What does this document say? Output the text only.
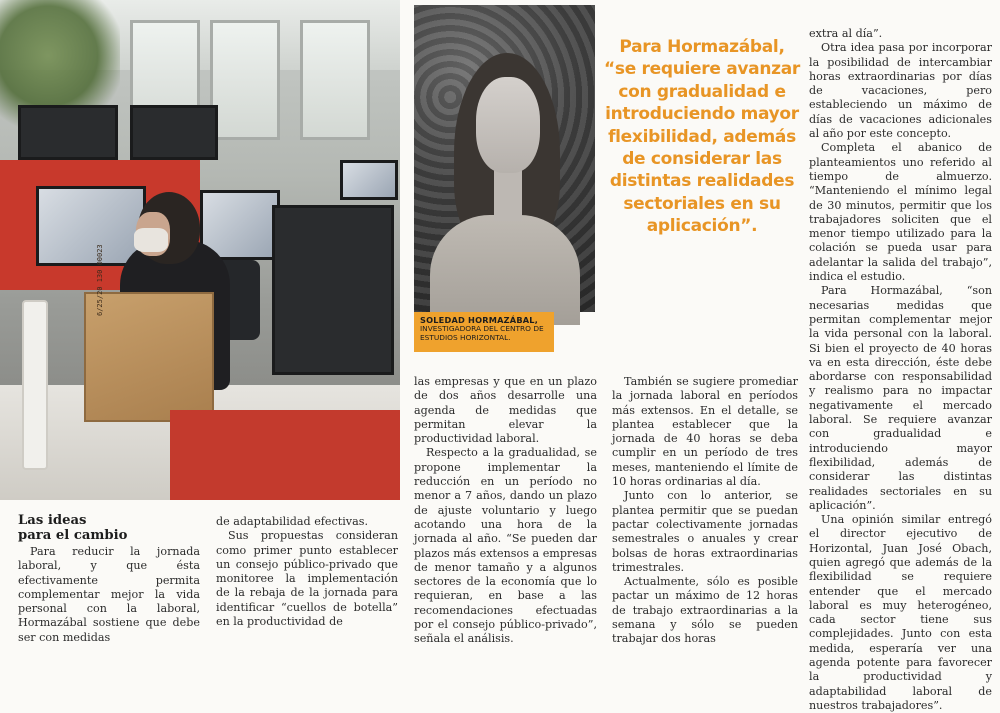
6/25/20 130 00023
SOLEDAD HORMAZÁBAL,
INVESTIGADORA DEL CENTRO DE
ESTUDIOS HORIZONTAL.
Para Hormazábal,
“se requiere avanzar
con gradualidad e
introduciendo mayor
flexibilidad, además
de considerar las
distintas realidades
sectoriales en su
aplicación”.
Las ideas
para el cambio

Para reducir la jornada laboral, y que ésta efectivamente permita complementar mejor la vida personal con la laboral, Hormazábal sostiene que debe ser con medidas

de adaptabilidad efectivas.

Sus propuestas consideran como primer punto establecer un consejo público-privado que monitoree la implementación de la rebaja de la jornada para identificar “cuellos de botella” en la productividad de

las empresas y que en un plazo de dos años desarrolle una agenda de medidas que permitan elevar la productividad laboral.

Respecto a la gradualidad, se propone implementar la reducción en un período no menor a 7 años, dando un plazo de ajuste voluntario y luego acotando una hora de la jornada al año. “Se pueden dar plazos más extensos a empresas de menor tamaño y a algunos sectores de la economía que lo requieran, en base a las recomendaciones efectuadas por el consejo público-privado”, señala el análisis.

También se sugiere promediar la jornada laboral en períodos más extensos. En el detalle, se plantea establecer que la jornada de 40 horas se deba cumplir en un período de tres meses, manteniendo el límite de 10 horas ordinarias al día.

Junto con lo anterior, se plantea permitir que se puedan pactar colectivamente jornadas semestrales o anuales y crear bolsas de horas extraordinarias trimestrales.

Actualmente, sólo es posible pactar un máximo de 12 horas de trabajo extraordinarias a la semana y sólo se pueden trabajar dos horas

extra al día”.

Otra idea pasa por incorporar la posibilidad de intercambiar horas extraordinarias por días de vacaciones, pero estableciendo un máximo de días de vacaciones adicionales al año por este concepto.

Completa el abanico de planteamientos uno referido al tiempo de almuerzo. “Manteniendo el mínimo legal de 30 minutos, permitir que los trabajadores soliciten que el menor tiempo utilizado para la colación se pueda usar para adelantar la salida del trabajo”, indica el estudio.

Para Hormazábal, “son necesarias medidas que permitan complementar mejor la vida personal con la laboral. Si bien el proyecto de 40 horas va en esta dirección, éste debe abordarse con responsabilidad y realismo para no impactar negativamente el mercado laboral. Se requiere avanzar con gradualidad e introduciendo mayor flexibilidad, además de considerar las distintas realidades sectoriales en su aplicación”.

Una opinión similar entregó el director ejecutivo de Horizontal, Juan José Obach, quien agregó que además de la flexibilidad se requiere entender que el mercado laboral es muy heterogéneo, cada sector tiene sus complejidades. Junto con esta medida, esperaría ver una agenda potente para favorecer la productividad y adaptabilidad laboral de nuestros trabajadores”.
